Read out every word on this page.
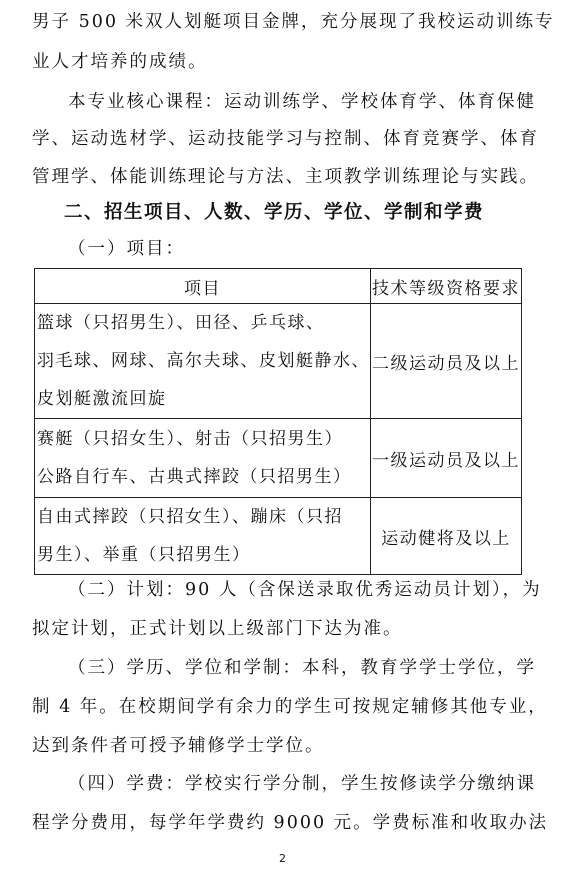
男子 500 米双人划艇项目金牌，充分展现了我校运动训练专
业人才培养的成绩。
本专业核心课程：运动训练学、学校体育学、体育保健
学、运动选材学、运动技能学习与控制、体育竞赛学、体育
管理学、体能训练理论与方法、主项教学训练理论与实践。
二、招生项目、人数、学历、学位、学制和学费
（一）项目：
项目	技术等级资格要求

篮球（只招男生）、田径、乒乓球、
羽毛球、网球、高尔夫球、皮划艇静水、
皮划艇激流回旋	二级运动员及以上

赛艇（只招女生）、射击（只招男生）
公路自行车、古典式摔跤（只招男生）	一级运动员及以上

自由式摔跤（只招女生）、蹦床（只招
男生）、举重（只招男生）	运动健将及以上
（二）计划：90 人（含保送录取优秀运动员计划），为
拟定计划，正式计划以上级部门下达为准。
（三）学历、学位和学制：本科，教育学学士学位，学
制 4 年。在校期间学有余力的学生可按规定辅修其他专业，
达到条件者可授予辅修学士学位。
（四）学费：学校实行学分制，学生按修读学分缴纳课
程学分费用，每学年学费约 9000 元。学费标准和收取办法
2
